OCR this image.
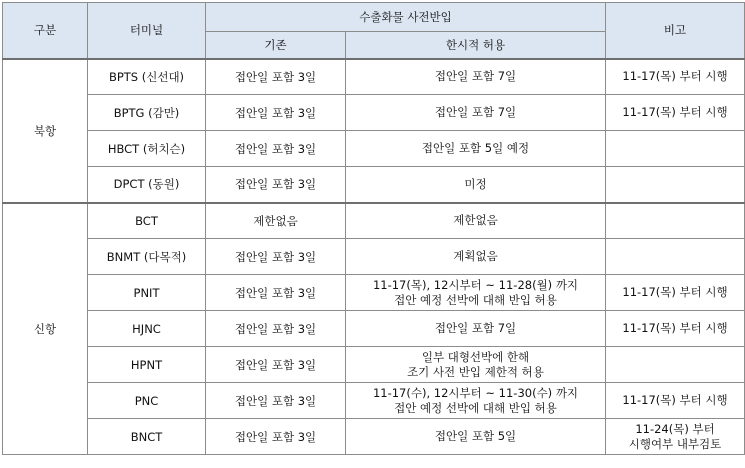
구분	터미널	수출화물 사전반입		비고
		기존	한시적 허용	
북항	BPTS (신선대)	접안일 포함 3일	접안일 포함 7일	11-17(목) 부터 시행

	BPTG (감만)	접안일 포함 3일	접안일 포함 7일	11-17(목) 부터 시행

	HBCT (허치슨)	접안일 포함 3일	접안일 포함 5일 예정	

	DPCT (동원)	접안일 포함 3일	미정	

신항	BCT	제한없음	제한없음	

	BNMT (다목적)	접안일 포함 3일	계획없음	

	PNIT	접안일 포함 3일	11-17(목), 12시부터 ~ 11-28(월) 까지
접안 예정 선박에 대해 반입 허용	11-17(목) 부터 시행

	HJNC	접안일 포함 3일	접안일 포함 7일	11-17(목) 부터 시행

	HPNT	접안일 포함 3일	일부 대형선박에 한해
조기 사전 반입 제한적 허용	

	PNC	접안일 포함 3일	11-17(수), 12시부터 ~ 11-30(수) 까지
접안 예정 선박에 대해 반입 허용	11-17(목) 부터 시행

	BNCT	접안일 포함 3일	접안일 포함 5일	11-24(목) 부터
시행여부 내부검토
